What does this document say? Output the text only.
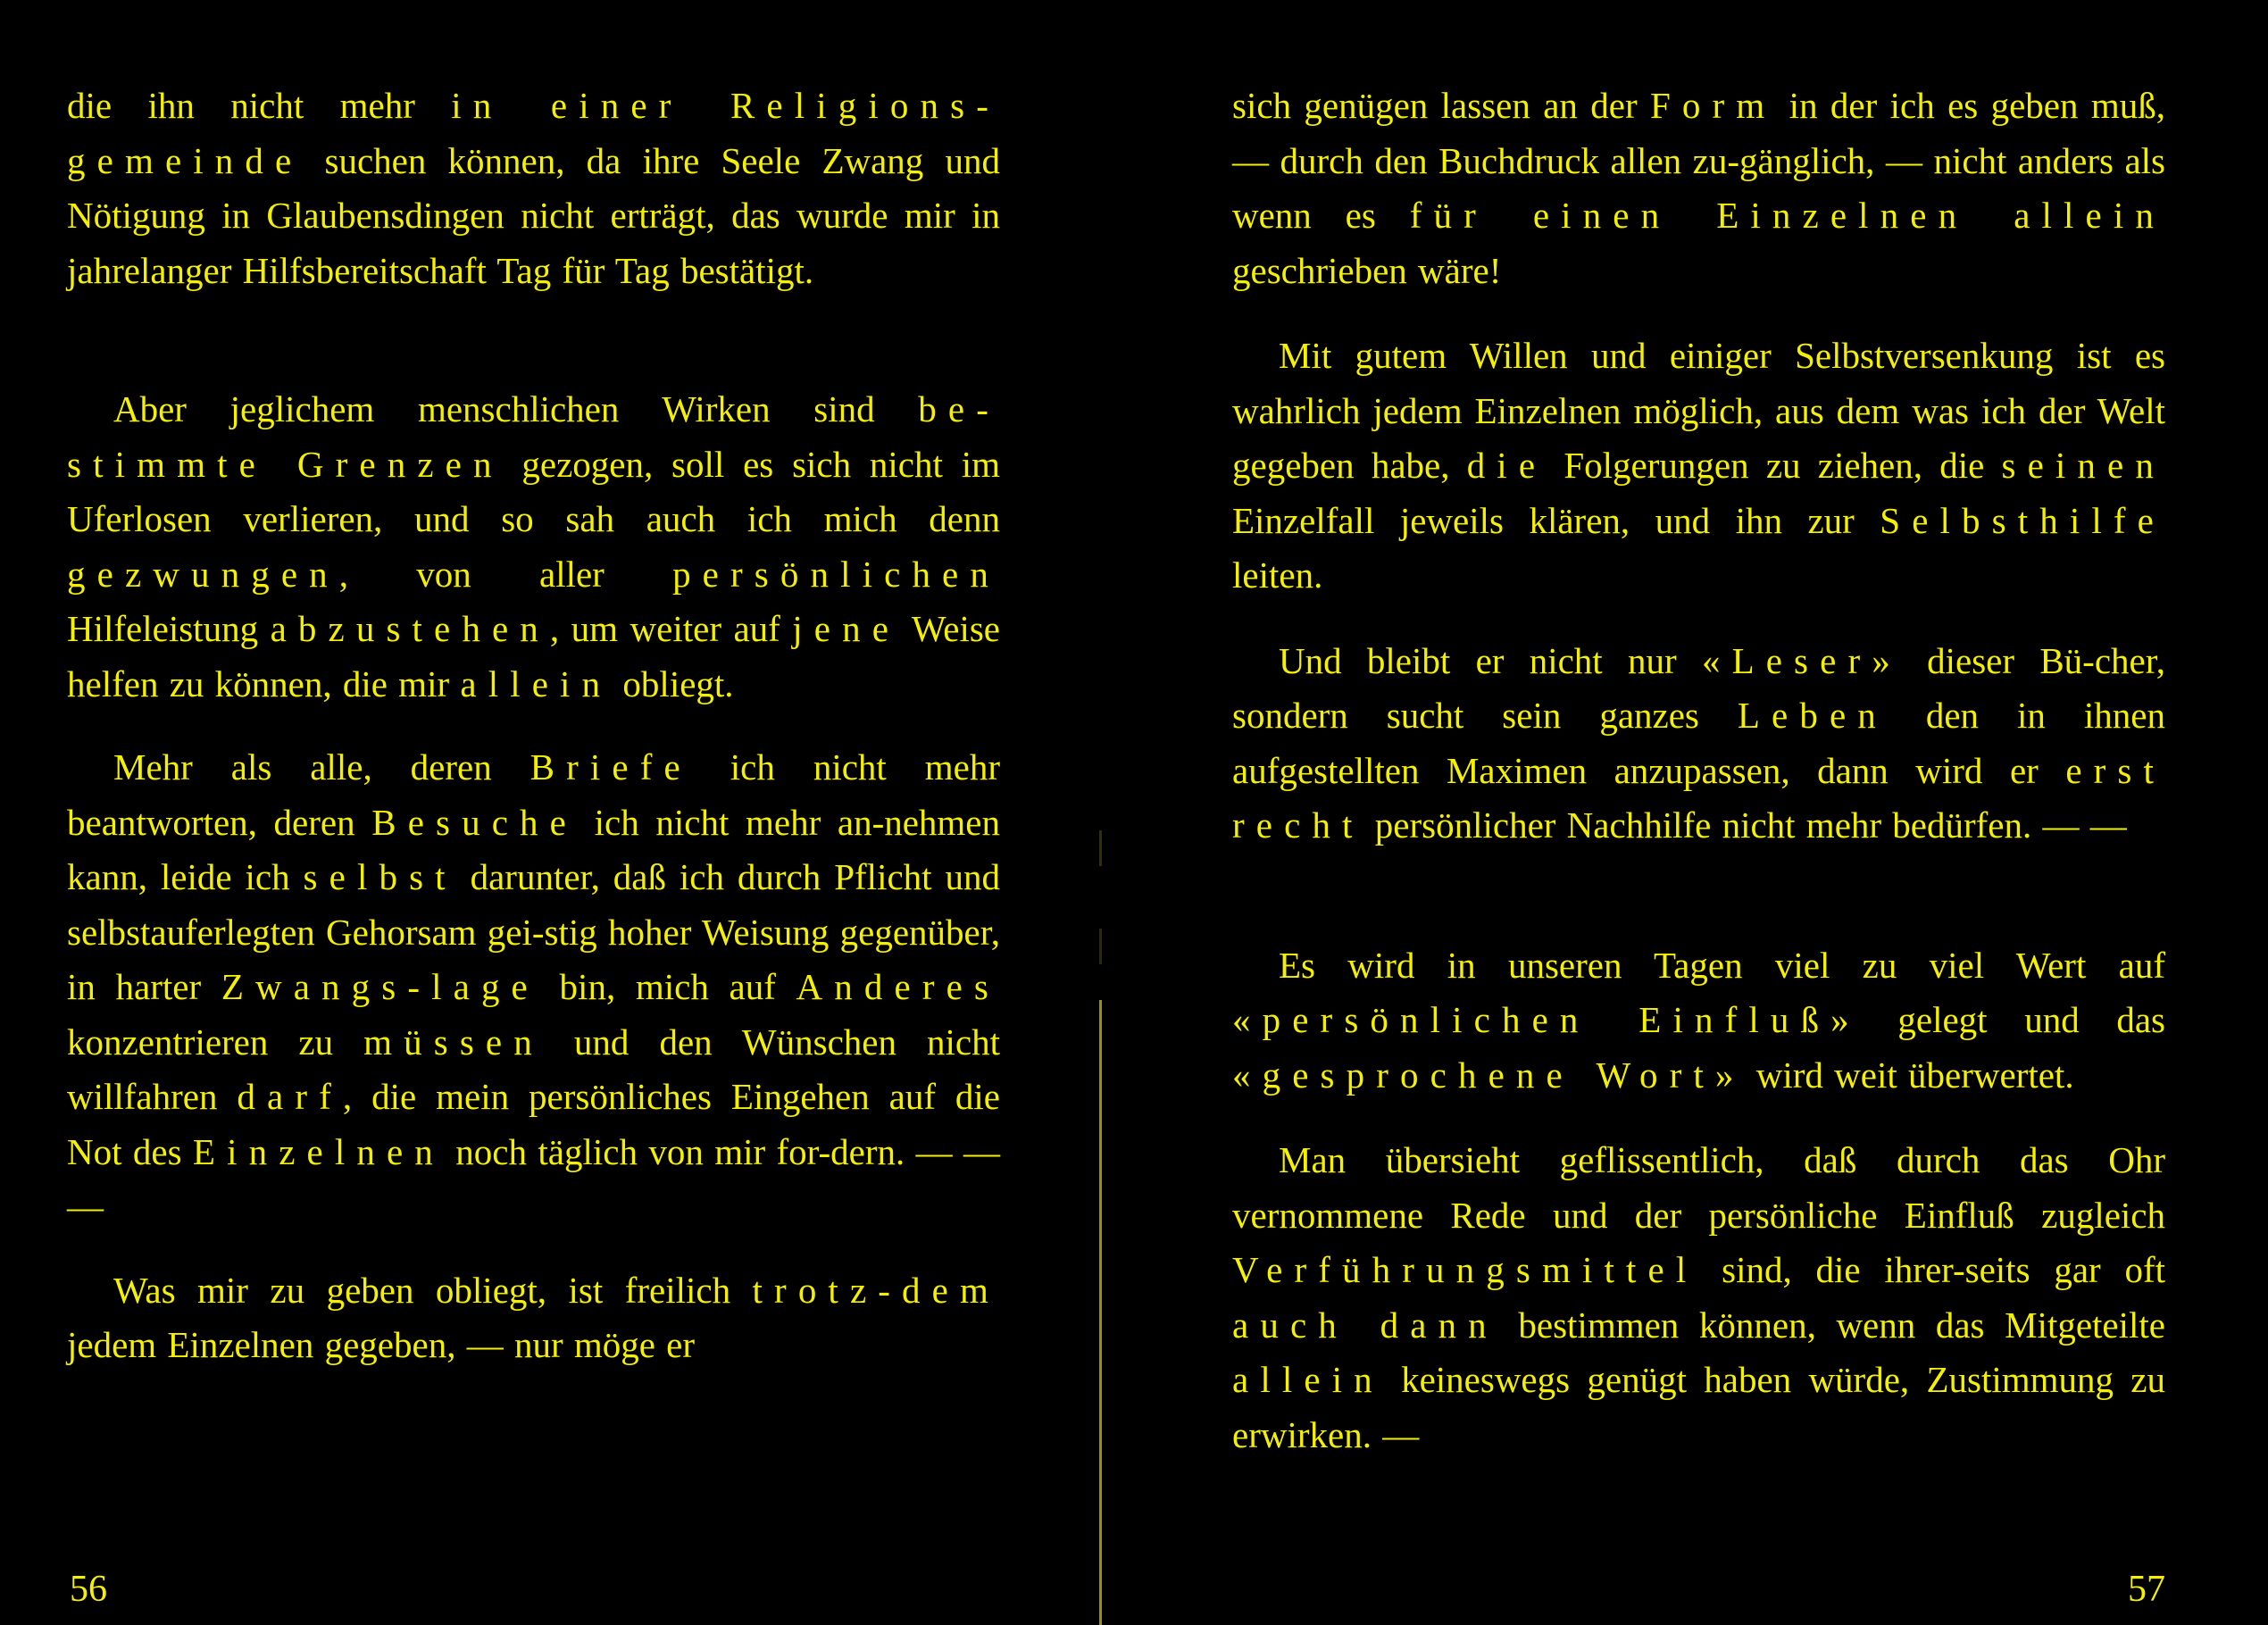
die ihn nicht mehr in einer Religions-gemeinde suchen können, da ihre Seele Zwang und Nötigung in Glaubensdingen nicht erträgt, das wurde mir in jahrelanger Hilfsbereitschaft Tag für Tag bestätigt.

Aber jeglichem menschlichen Wirken sind be-stimmte Grenzen gezogen, soll es sich nicht im Uferlosen verlieren, und so sah auch ich mich denn gezwungen, von aller persönlichen Hilfeleistung abzustehen, um weiter auf jene Weise helfen zu können, die mir allein obliegt.

Mehr als alle, deren Briefe ich nicht mehr beantworten, deren Besuche ich nicht mehr an-nehmen kann, leide ich selbst darunter, daß ich durch Pflicht und selbstauferlegten Gehorsam gei-stig hoher Weisung gegenüber, in harter Zwangs-lage bin, mich auf Anderes konzentrieren zu müssen und den Wünschen nicht willfahren darf, die mein persönliches Eingehen auf die Not des Einzelnen noch täglich von mir for-dern. — — —

Was mir zu geben obliegt, ist freilich trotz-dem jedem Einzelnen gegeben, — nur möge er

56

sich genügen lassen an der Form in der ich es geben muß, — durch den Buchdruck allen zu-gänglich, — nicht anders als wenn es für einen Einzelnen allein geschrieben wäre!

Mit gutem Willen und einiger Selbstversenkung ist es wahrlich jedem Einzelnen möglich, aus dem was ich der Welt gegeben habe, die Folgerungen zu ziehen, die seinen Einzelfall jeweils klären, und ihn zur Selbsthilfe leiten.

Und bleibt er nicht nur «Leser» dieser Bü-cher, sondern sucht sein ganzes Leben den in ihnen aufgestellten Maximen anzupassen, dann wird er erst recht persönlicher Nachhilfe nicht mehr bedürfen. — —

Es wird in unseren Tagen viel zu viel Wert auf «persönlichen Einfluß» gelegt und das «gesprochene Wort» wird weit überwertet.

Man übersieht geflissentlich, daß durch das Ohr vernommene Rede und der persönliche Einfluß zugleich Verführungsmittel sind, die ihrer-seits gar oft auch dann bestimmen können, wenn das Mitgeteilte allein keineswegs genügt haben würde, Zustimmung zu erwirken. —

57
